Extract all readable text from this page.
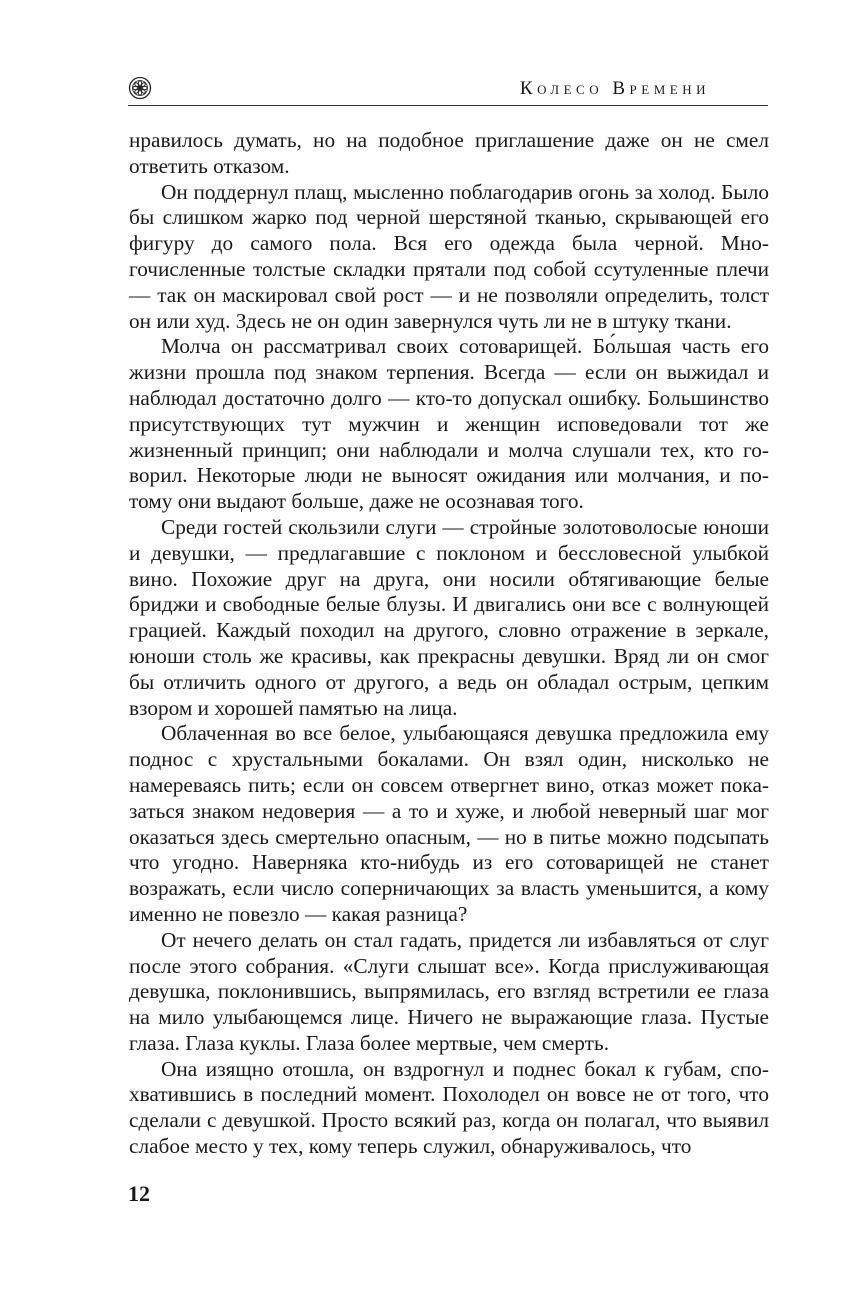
Колесо Времени

нравилось думать, но на подобное приглашение даже он не смел ответить отказом.

Он поддернул плащ, мысленно поблагодарив огонь за холод. Было бы слишком жарко под черной шерстяной тканью, скрывающей его фигуру до самого пола. Вся его одежда была черной. Многочисленные толстые складки прятали под собой ссутуленные плечи — так он маскировал свой рост — и не позволяли определить, толст он или худ. Здесь не он один завернулся чуть ли не в штуку ткани.

Молча он рассматривал своих сотоварищей. Бо́льшая часть его жизни прошла под знаком терпения. Всегда — если он выжидал и наблюдал достаточно долго — кто-то допускал ошибку. Большинство присутствующих тут мужчин и женщин исповедовали тот же жизненный принцип; они наблюдали и молча слушали тех, кто говорил. Некоторые люди не выносят ожидания или молчания, и потому они выдают больше, даже не осознавая того.

Среди гостей скользили слуги — стройные золотоволосые юноши и девушки, — предлагавшие с поклоном и бессловесной улыбкой вино. Похожие друг на друга, они носили обтягивающие белые бриджи и свободные белые блузы. И двигались они все с волнующей грацией. Каждый походил на другого, словно отражение в зеркале, юноши столь же красивы, как прекрасны девушки. Вряд ли он смог бы отличить одного от другого, а ведь он обладал острым, цепким взором и хорошей памятью на лица.

Облаченная во все белое, улыбающаяся девушка предложила ему поднос с хрустальными бокалами. Он взял один, нисколько не намереваясь пить; если он совсем отвергнет вино, отказ может показаться знаком недоверия — а то и хуже, и любой неверный шаг мог оказаться здесь смертельно опасным, — но в питье можно подсыпать что угодно. Наверняка кто-нибудь из его сотоварищей не станет возражать, если число соперничающих за власть уменьшится, а кому именно не повезло — какая разница?

От нечего делать он стал гадать, придется ли избавляться от слуг после этого собрания. «Слуги слышат все». Когда прислуживающая девушка, поклонившись, выпрямилась, его взгляд встретили ее глаза на мило улыбающемся лице. Ничего не выражающие глаза. Пустые глаза. Глаза куклы. Глаза более мертвые, чем смерть.

Она изящно отошла, он вздрогнул и поднес бокал к губам, спохватившись в последний момент. Похолодел он вовсе не от того, что сделали с девушкой. Просто всякий раз, когда он полагал, что выявил слабое место у тех, кому теперь служил, обнаруживалось, что

12
